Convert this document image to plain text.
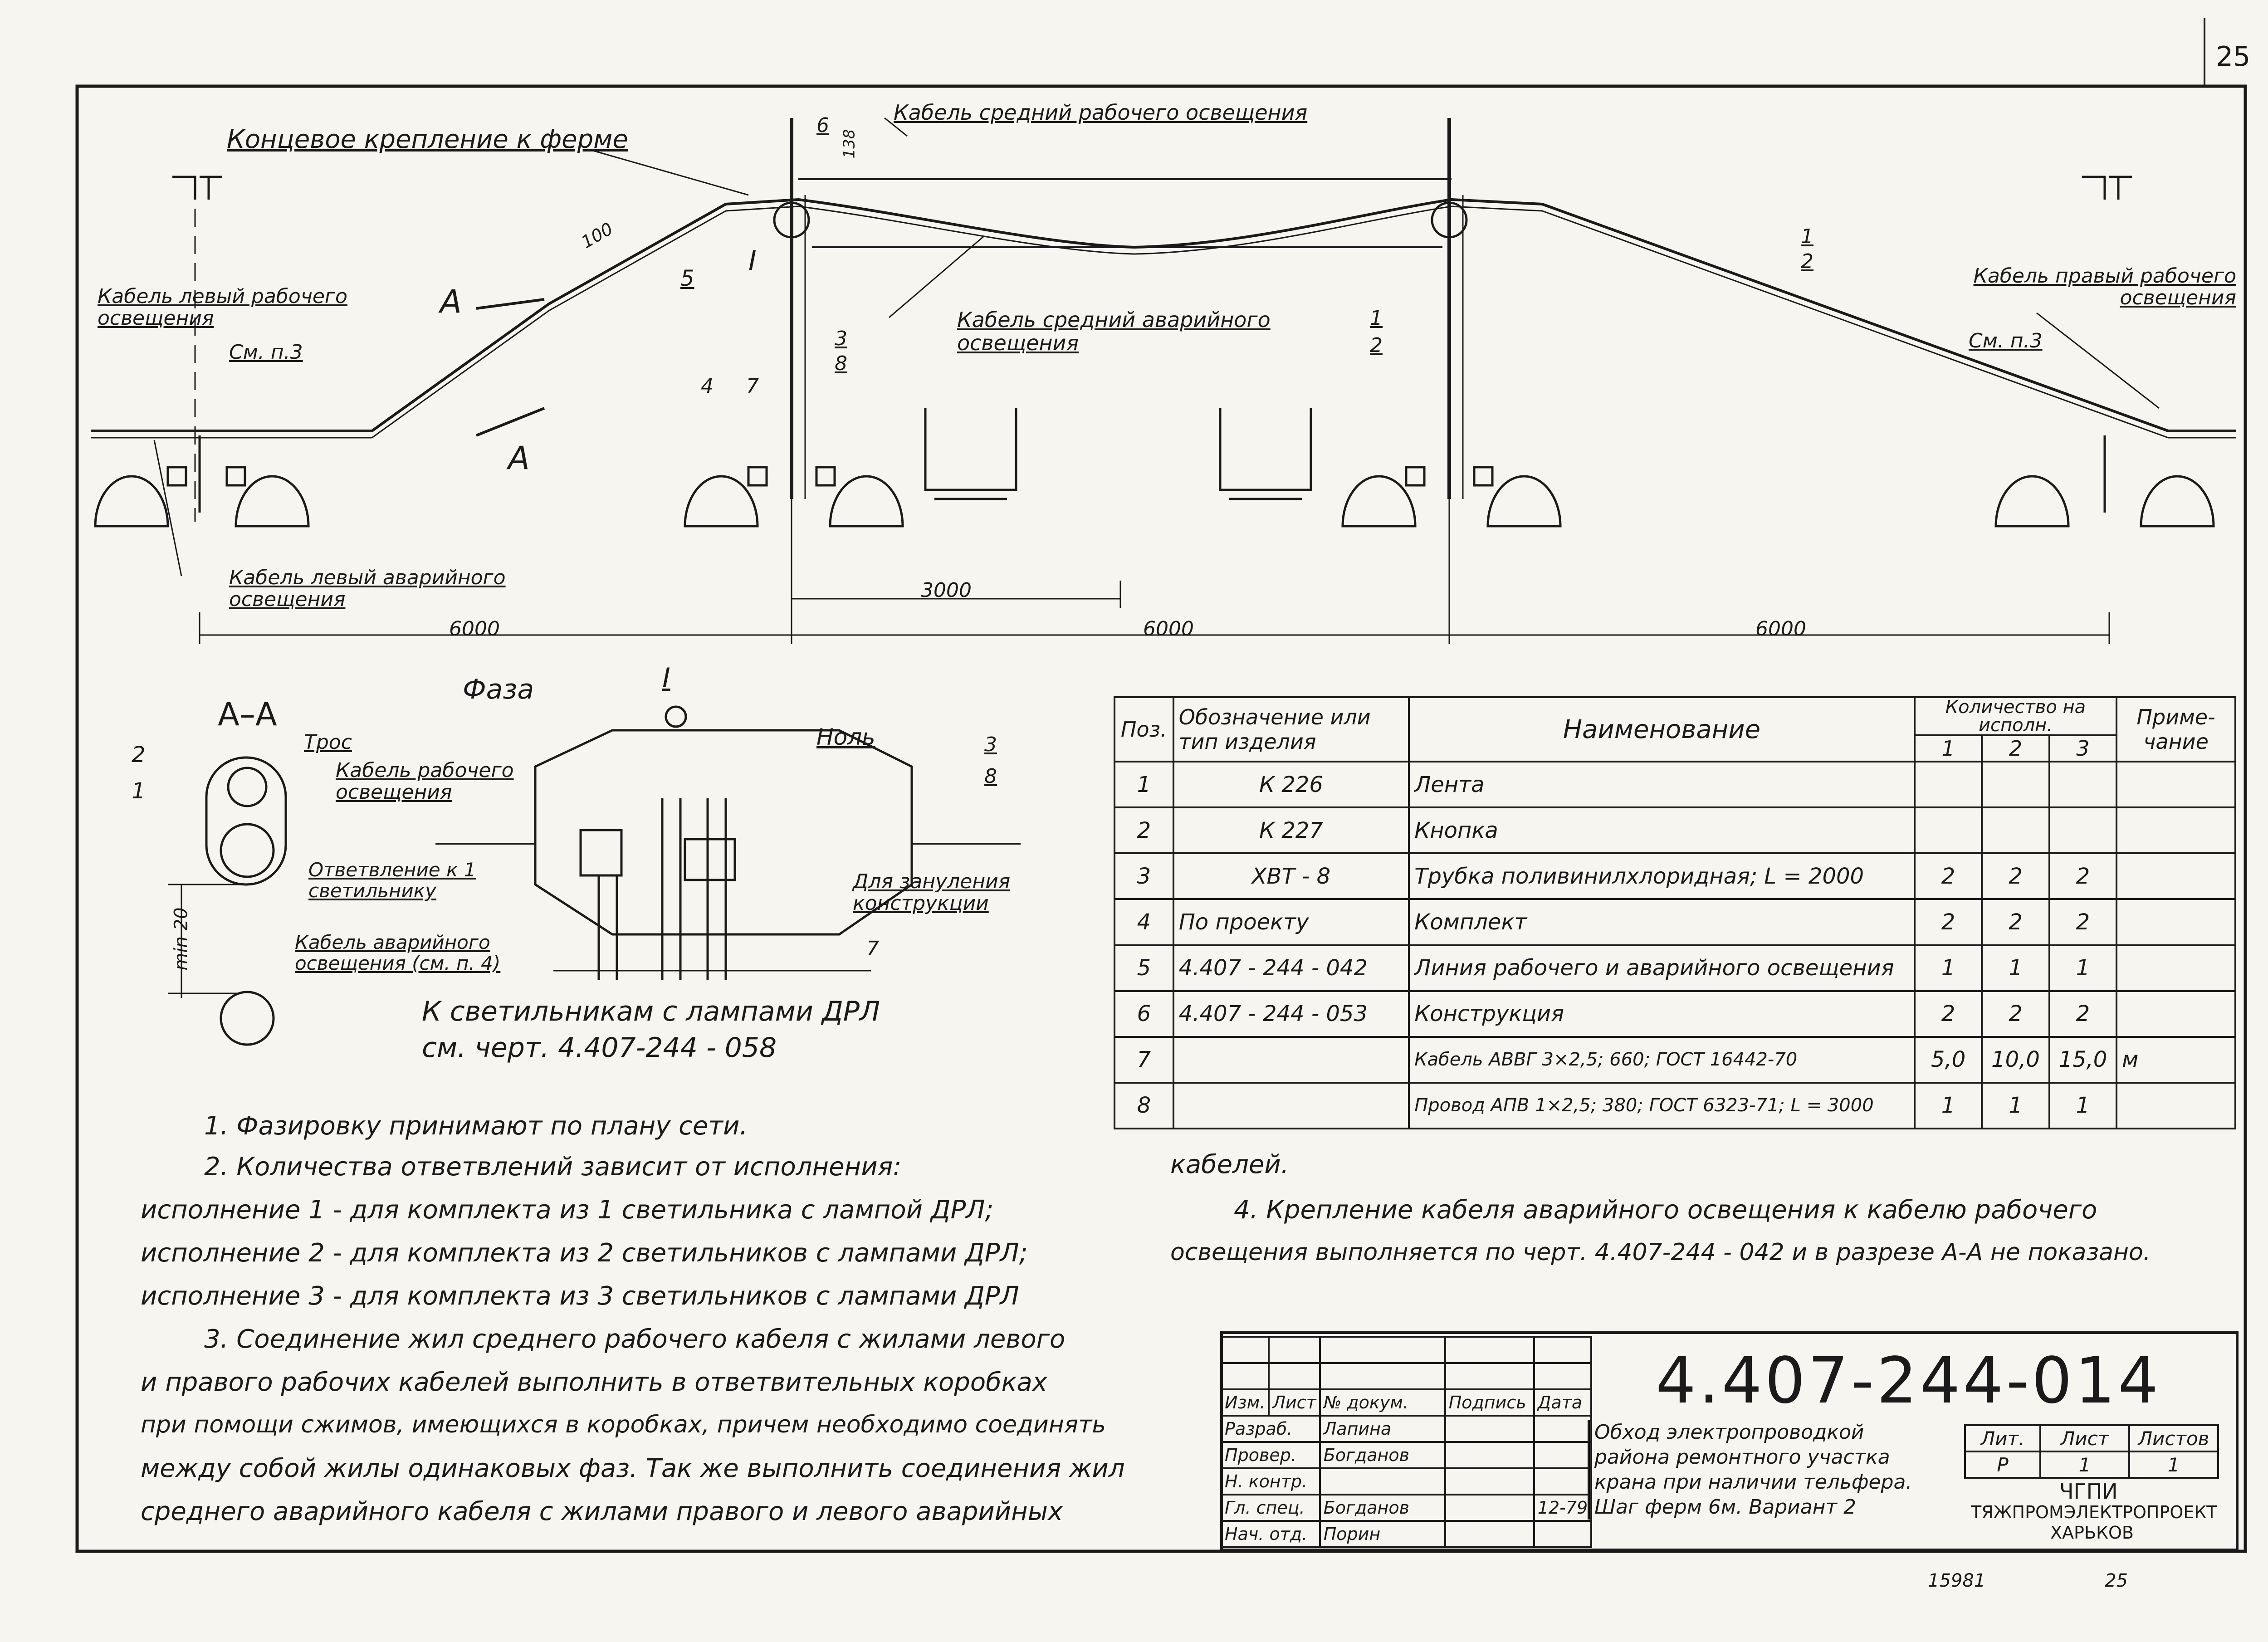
25
Концевое крепление к ферме
Кабель средний рабочего освещения
Кабель средний аварийного освещения
Кабель левый рабочего освещения
Кабель правый рабочего освещения
Кабель левый аварийного освещения
См. п.3	См. п.3
А
А
I
5
3
8
4 7
1
2
6
1
2
100
138
3000
6000	6000	6000
А–А
Трос
Кабель рабочего освещения
Ответвление к 1 светильнику
Кабель аварийного освещения (см. п. 4)
min 20
2
1
I
Фаза
Ноль	3
8
7
Для зануления конструкции
К светильникам с лампами ДРЛ
см. черт. 4.407-244 - 058
Поз.	Обозначение или тип изделия	Наименование	Количество на исполн.			Приме- чание
			1	2	3	
1	К 226	Лента				
2	К 227	Кнопка				
3	ХВТ - 8	Трубка поливинилхлоридная; L = 2000	2	2	2	
4	По проекту	Комплект	2	2	2	
5	4.407 - 244 - 042	Линия рабочего и аварийного освещения	1	1	1	
6	4.407 - 244 - 053	Конструкция	2	2	2	
7		Кабель АВВГ 3×2,5; 660; ГОСТ 16442-70	5,0	10,0	15,0	м
8		Провод АПВ 1×2,5; 380; ГОСТ 6323-71; L = 3000	1	1	1	
1. Фазировку принимают по плану сети.
2. Количества ответвлений зависит от исполнения:
исполнение 1 - для комплекта из 1 светильника с лампой ДРЛ;
исполнение 2 - для комплекта из 2 светильников с лампами ДРЛ;
исполнение 3 - для комплекта из 3 светильников с лампами ДРЛ
3. Соединение жил среднего рабочего кабеля с жилами левого
и правого рабочих кабелей выполнить в ответвительных коробках
при помощи сжимов, имеющихся в коробках, причем необходимо соединять
между собой жилы одинаковых фаз. Так же выполнить соединения жил
среднего аварийного кабеля с жилами правого и левого аварийных
кабелей.
4. Крепление кабеля аварийного освещения к кабелю рабочего
освещения выполняется по черт. 4.407-244 - 042 и в разрезе А-А не показано.
4.407-244-014

Изм.	Лист	№ докум.	Подпись	Дата
Разраб.		Лапина		
Провер.		Богданов		
Н. контр.				
Гл. спец.		Богданов		12-79
Нач. отд.		Порин		
Обход электропроводкой
района ремонтного участка
крана при наличии тельфера.
Шаг ферм 6м. Вариант 2
Лит.	Лист	Листов
Р	1	1
ЧГПИ
ТЯЖПРОМЭЛЕКТРОПРОЕКТ
ХАРЬКОВ
15981	25
